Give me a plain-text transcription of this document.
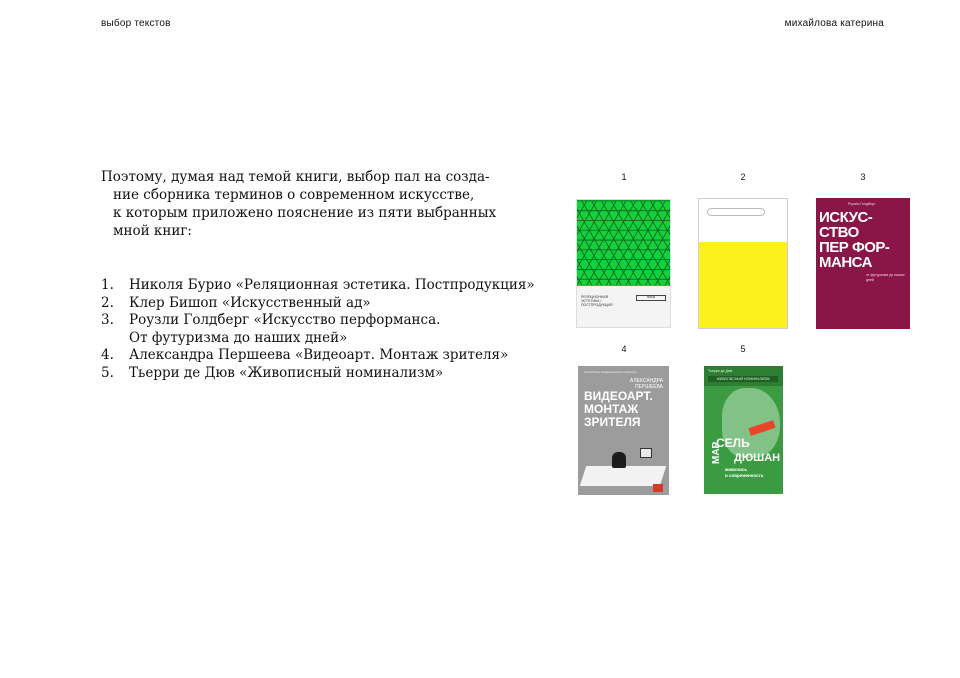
выбор текстов	михайлова катерина
Поэтому, думая над темой книги, выбор пал на созда-
ние сборника терминов о современном искусстве,
к которым приложено пояснение из пяти выбранных
мной книг:
1. Николя Бурио «Реляционная эстетика. Постпродукция»
2. Клер Бишоп «Искусственный ад»
3. Роузли Голдберг «Искусство перформанса.
От футуризма до наших дней»
4. Александра Першеева «Видеоарт. Монтаж зрителя»
5. Тьерри де Дюв «Живописный номинализм»
1	2	3
4	5
РЕЛЯЦИОННАЯ ЭСТЕТИКА / ПОСТПРОДУКЦИЯ
ГАРАЖ
Роузли Голдберг
ИСКУС-
СТВО
ПЕР ФОР-
МАНСА
от футуризма до наших дней
Российское академическое искусство
АЛЕКСАНДРА
ПЕРШЕЕВА
ВИДЕОАРТ.
МОНТАЖ
ЗРИТЕЛЯ
Тьерри де Дюв
ЖИВОПИСНЫЙ НОМИНАЛИЗМ
СЕЛЬ
ДЮШАН
МАР
живопись
и современность
